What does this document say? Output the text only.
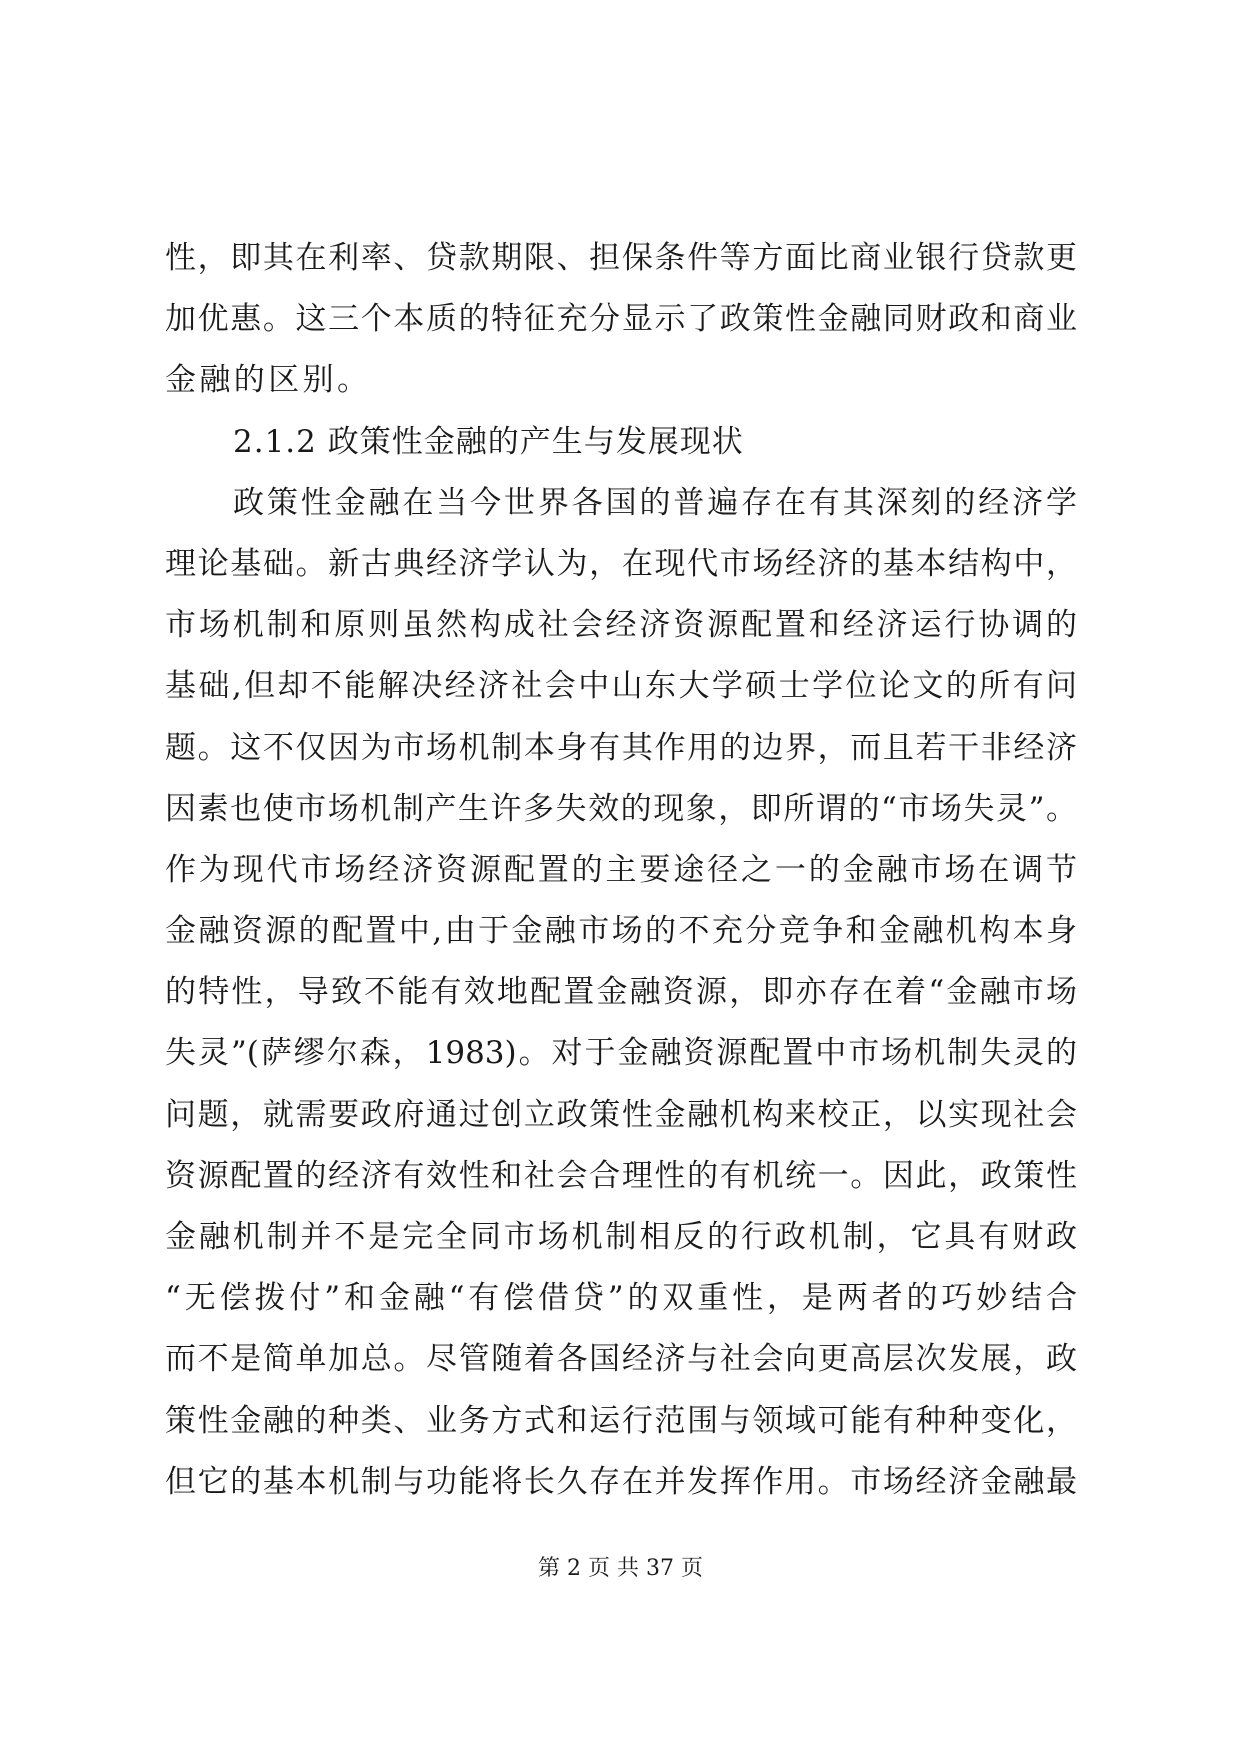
性，即其在利率、贷款期限、担保条件等方面比商业银行贷款更
加优惠。这三个本质的特征充分显示了政策性金融同财政和商业
金融的区别。
2.1.2 政策性金融的产生与发展现状
政策性金融在当今世界各国的普遍存在有其深刻的经济学
理论基础。新古典经济学认为，在现代市场经济的基本结构中，
市场机制和原则虽然构成社会经济资源配置和经济运行协调的
基础,但却不能解决经济社会中山东大学硕士学位论文的所有问
题。这不仅因为市场机制本身有其作用的边界，而且若干非经济
因素也使市场机制产生许多失效的现象，即所谓的“市场失灵”。
作为现代市场经济资源配置的主要途径之一的金融市场在调节
金融资源的配置中,由于金融市场的不充分竞争和金融机构本身
的特性，导致不能有效地配置金融资源，即亦存在着“金融市场
失灵”(萨缪尔森，1983)。对于金融资源配置中市场机制失灵的
问题，就需要政府通过创立政策性金融机构来校正，以实现社会
资源配置的经济有效性和社会合理性的有机统一。因此，政策性
金融机制并不是完全同市场机制相反的行政机制，它具有财政
“无偿拨付”和金融“有偿借贷”的双重性，是两者的巧妙结合
而不是简单加总。尽管随着各国经济与社会向更高层次发展，政
策性金融的种类、业务方式和运行范围与领域可能有种种变化，
但它的基本机制与功能将长久存在并发挥作用。市场经济金融最
第 2 页 共 37 页
